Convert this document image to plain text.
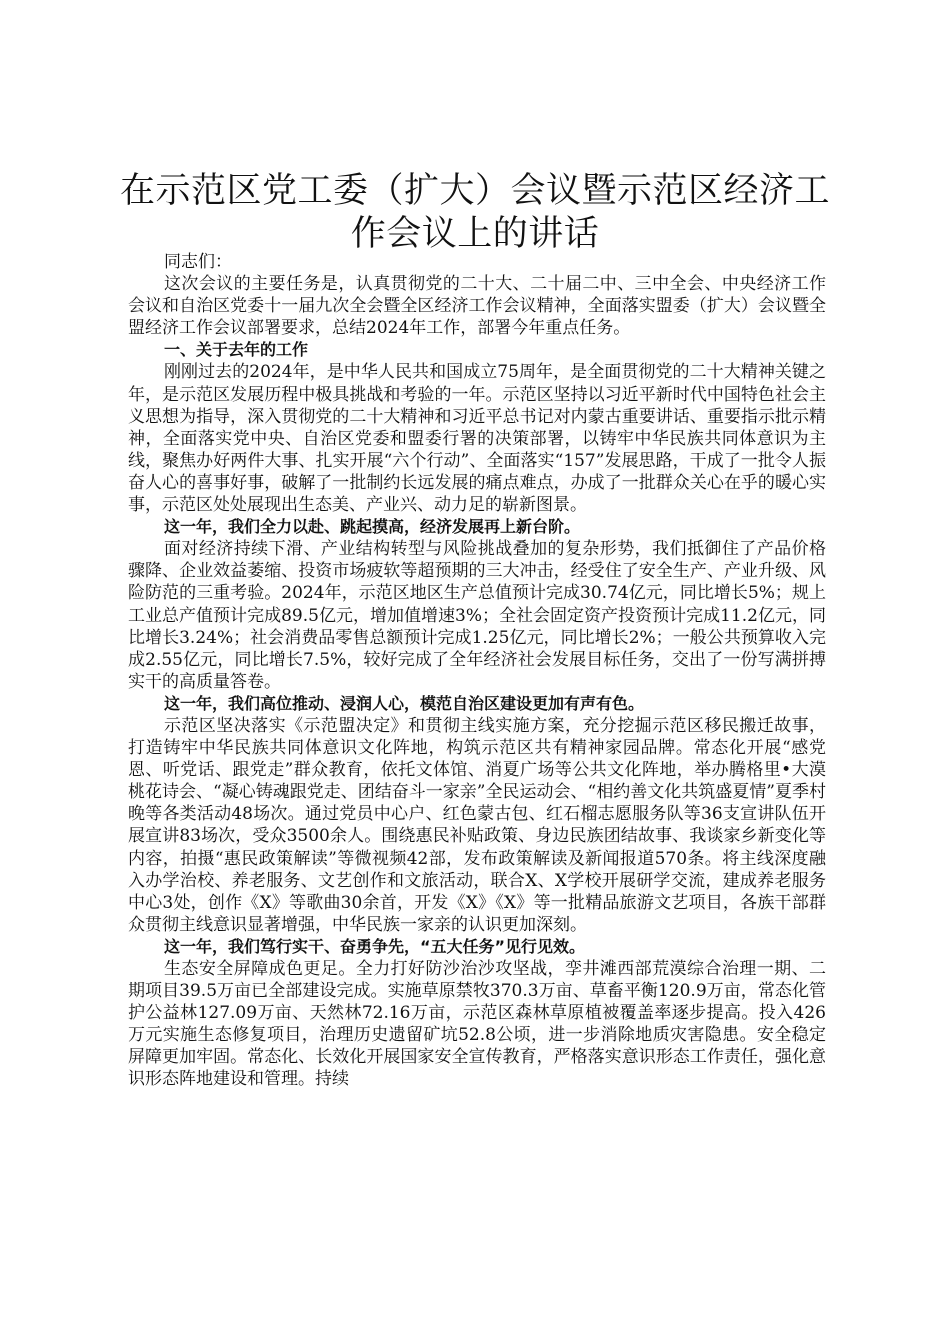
在示范区党工委（扩大）会议暨示范区经济工作会议上的讲话

同志们：

这次会议的主要任务是，认真贯彻党的二十大、二十届二中、三中全会、中央经济工作会议和自治区党委十一届九次全会暨全区经济工作会议精神，全面落实盟委（扩大）会议暨全盟经济工作会议部署要求，总结2024年工作，部署今年重点任务。

一、关于去年的工作

刚刚过去的2024年，是中华人民共和国成立75周年，是全面贯彻党的二十大精神关键之年，是示范区发展历程中极具挑战和考验的一年。示范区坚持以习近平新时代中国特色社会主义思想为指导，深入贯彻党的二十大精神和习近平总书记对内蒙古重要讲话、重要指示批示精神，全面落实党中央、自治区党委和盟委行署的决策部署，以铸牢中华民族共同体意识为主线，聚焦办好两件大事、扎实开展“六个行动”、全面落实“157”发展思路，干成了一批令人振奋人心的喜事好事，破解了一批制约长远发展的痛点难点，办成了一批群众关心在乎的暖心实事，示范区处处展现出生态美、产业兴、动力足的崭新图景。

这一年，我们全力以赴、跳起摸高，经济发展再上新台阶。

面对经济持续下滑、产业结构转型与风险挑战叠加的复杂形势，我们抵御住了产品价格骤降、企业效益萎缩、投资市场疲软等超预期的三大冲击，经受住了安全生产、产业升级、风险防范的三重考验。2024年，示范区地区生产总值预计完成30.74亿元，同比增长5%；规上工业总产值预计完成89.5亿元，增加值增速3%；全社会固定资产投资预计完成11.2亿元，同比增长3.24%；社会消费品零售总额预计完成1.25亿元，同比增长2%；一般公共预算收入完成2.55亿元，同比增长7.5%，较好完成了全年经济社会发展目标任务，交出了一份写满拼搏实干的高质量答卷。

这一年，我们高位推动、浸润人心，模范自治区建设更加有声有色。

示范区坚决落实《示范盟决定》和贯彻主线实施方案，充分挖掘示范区移民搬迁故事，打造铸牢中华民族共同体意识文化阵地，构筑示范区共有精神家园品牌。常态化开展“感党恩、听党话、跟党走”群众教育，依托文体馆、消夏广场等公共文化阵地，举办腾格里•大漠桃花诗会、“凝心铸魂跟党走、团结奋斗一家亲”全民运动会、“相约善文化共筑盛夏情”夏季村晚等各类活动48场次。通过党员中心户、红色蒙古包、红石榴志愿服务队等36支宣讲队伍开展宣讲83场次，受众3500余人。围绕惠民补贴政策、身边民族团结故事、我谈家乡新变化等内容，拍摄“惠民政策解读”等微视频42部，发布政策解读及新闻报道570条。将主线深度融入办学治校、养老服务、文艺创作和文旅活动，联合X、X学校开展研学交流，建成养老服务中心3处，创作《X》等歌曲30余首，开发《X》《X》等一批精品旅游文艺项目，各族干部群众贯彻主线意识显著增强，中华民族一家亲的认识更加深刻。

这一年，我们笃行实干、奋勇争先，“五大任务”见行见效。

生态安全屏障成色更足。全力打好防沙治沙攻坚战，孪井滩西部荒漠综合治理一期、二期项目39.5万亩已全部建设完成。实施草原禁牧370.3万亩、草畜平衡120.9万亩，常态化管护公益林127.09万亩、天然林72.16万亩，示范区森林草原植被覆盖率逐步提高。投入426万元实施生态修复项目，治理历史遗留矿坑52.8公顷，进一步消除地质灾害隐患。安全稳定屏障更加牢固。常态化、长效化开展国家安全宣传教育，严格落实意识形态工作责任，强化意识形态阵地建设和管理。持续
